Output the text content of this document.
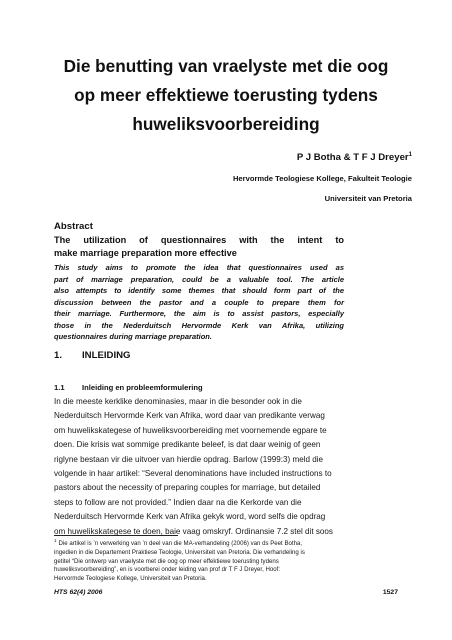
Die benutting van vraelyste met die oog
op meer effektiewe toerusting tydens
huweliksvoorbereiding
P J Botha & T F J Dreyer$^1$
Hervormde Teologiese Kollege, Fakulteit Teologie
Universiteit van Pretoria
Abstract
The utilization of questionnaires with the intent to
make marriage preparation more effective
This study aims to promote the idea that questionnaires used as
part of marriage preparation, could be a valuable tool. The article
also attempts to identify some themes that should form part of the
discussion between the pastor and a couple to prepare them for
their marriage. Furthermore, the aim is to assist pastors, especially
those in the Nederduitsch Hervormde Kerk van Afrika, utilizing
questionnaires during marriage preparation.
1. INLEIDING
1.1 Inleiding en probleemformulering
In die meeste kerklike denominasies, maar in die besonder ook in die
Nederduitsch Hervormde Kerk van Afrika, word daar van predikante verwag
om huwelikskategese of huweliksvoorbereiding met voornemende egpare te
doen. Die krisis wat sommige predikante beleef, is dat daar weinig of geen
riglyne bestaan vir die uitvoer van hierdie opdrag. Barlow (1999:3) meld die
volgende in haar artikel: “Several denominations have included instructions to
pastors about the necessity of preparing couples for marriage, but detailed
steps to follow are not provided.” Indien daar na die Kerkorde van die
Nederduitsch Hervormde Kerk van Afrika gekyk word, word selfs die opdrag
om huwelikskategese te doen, baie vaag omskryf. Ordinansie 7.2 stel dit soos
$^1$ Die artikel is ’n verwerking van ’n deel van die MA-verhandeling (2006) van ds Peet Botha,
ingedien in die Departement Praktiese Teologie, Universiteit van Pretoria. Die verhandeling is
getitel “Die ontwerp van vraelyste met die oog op meer effektiewe toerusting tydens
huweliksvoorbereiding”, en is voorberei onder leiding van prof dr T F J Dreyer, Hoof:
Hervormde Teologiese Kollege, Universiteit van Pretoria.
HTS 62(4) 2006	1527
